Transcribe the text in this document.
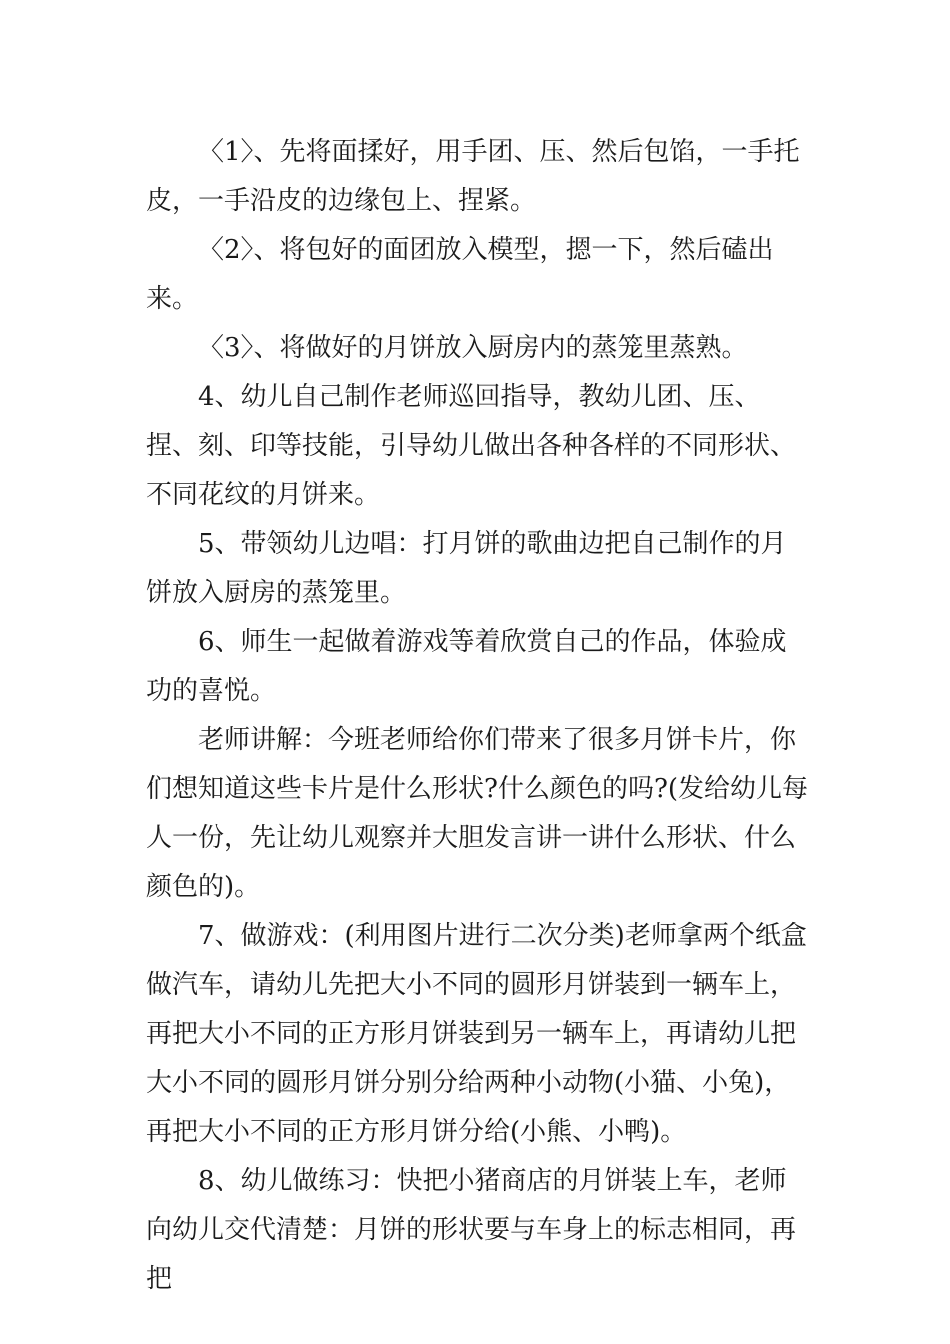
〈1〉、先将面揉好，用手团、压、然后包馅，一手托皮，一手沿皮的边缘包上、捏紧。

〈2〉、将包好的面团放入模型，摁一下，然后磕出来。

〈3〉、将做好的月饼放入厨房内的蒸笼里蒸熟。

4、幼儿自己制作老师巡回指导，教幼儿团、压、捏、刻、印等技能，引导幼儿做出各种各样的不同形状、不同花纹的月饼来。

5、带领幼儿边唱：打月饼的歌曲边把自己制作的月饼放入厨房的蒸笼里。

6、师生一起做着游戏等着欣赏自己的作品，体验成功的喜悦。

老师讲解：今班老师给你们带来了很多月饼卡片，你们想知道这些卡片是什么形状?什么颜色的吗?(发给幼儿每人一份，先让幼儿观察并大胆发言讲一讲什么形状、什么颜色的)。

7、做游戏：(利用图片进行二次分类)老师拿两个纸盒做汽车，请幼儿先把大小不同的圆形月饼装到一辆车上，再把大小不同的正方形月饼装到另一辆车上，再请幼儿把大小不同的圆形月饼分别分给两种小动物(小猫、小兔)，再把大小不同的正方形月饼分给(小熊、小鸭)。

8、幼儿做练习：快把小猪商店的月饼装上车，老师向幼儿交代清楚：月饼的形状要与车身上的标志相同，再把
